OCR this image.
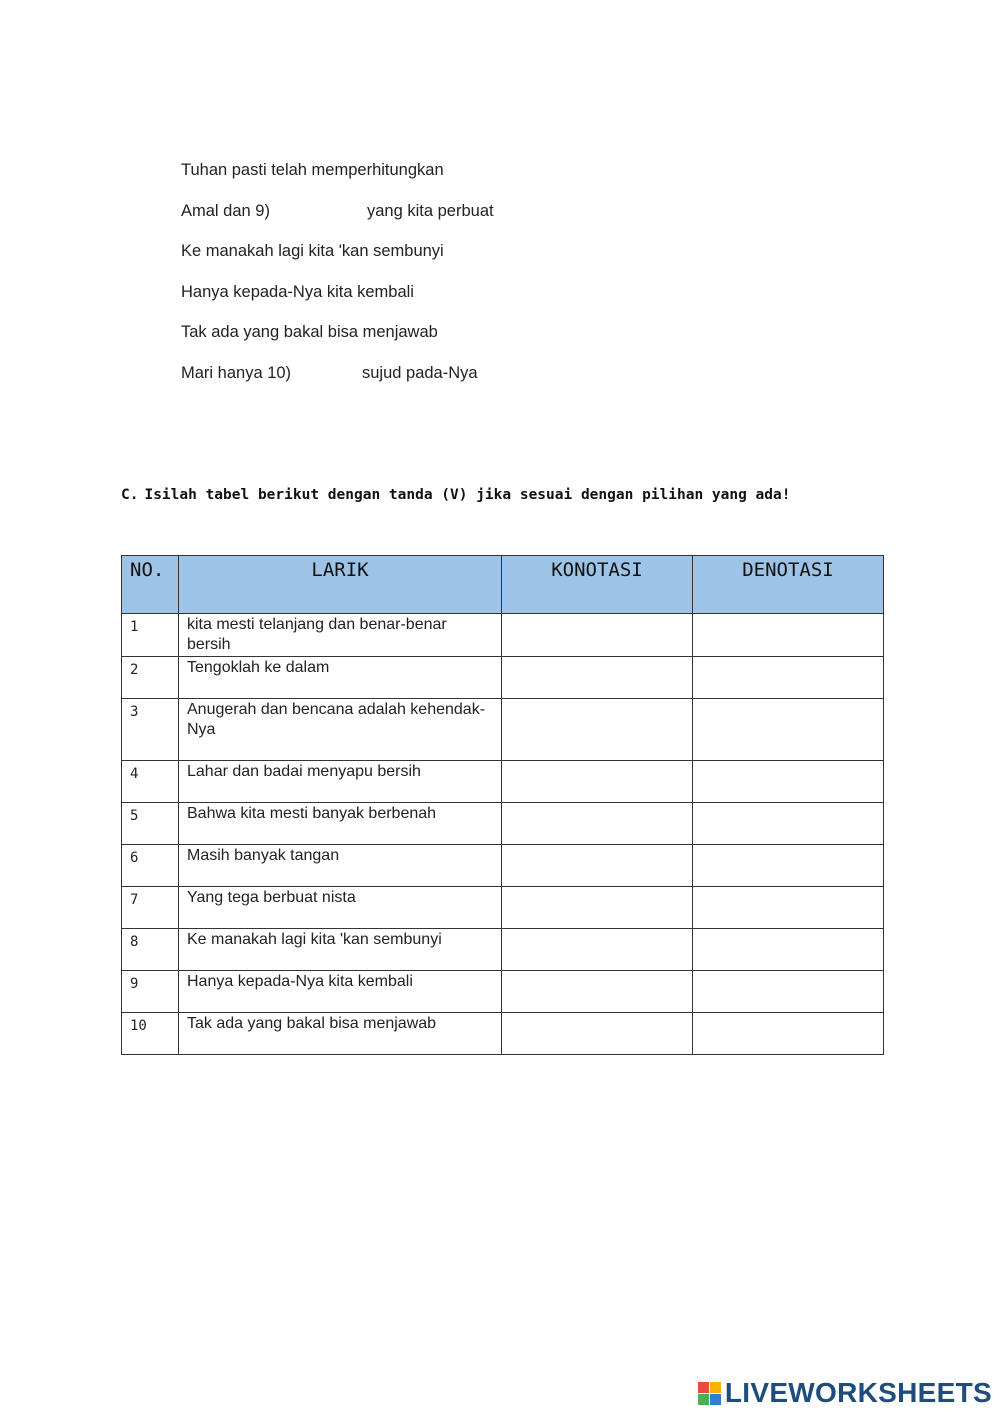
Tuhan pasti telah memperhitungkan
Amal dan 9)	yang kita perbuat
Ke manakah lagi kita 'kan sembunyi
Hanya kepada-Nya kita kembali
Tak ada yang bakal bisa menjawab
Mari hanya 10)	sujud pada-Nya
C. Isilah tabel berikut dengan tanda (V) jika sesuai dengan pilihan yang ada!
NO.	LARIK	KONOTASI	DENOTASI
1	kita mesti telanjang dan benar-benar bersih		
2	Tengoklah ke dalam		
3	Anugerah dan bencana adalah kehendak-Nya		
4	Lahar dan badai menyapu bersih		
5	Bahwa kita mesti banyak berbenah		
6	Masih banyak tangan		
7	Yang tega berbuat nista		
8	Ke manakah lagi kita 'kan sembunyi		
9	Hanya kepada-Nya kita kembali		
10	Tak ada yang bakal bisa menjawab		
LIVEWORKSHEETS
